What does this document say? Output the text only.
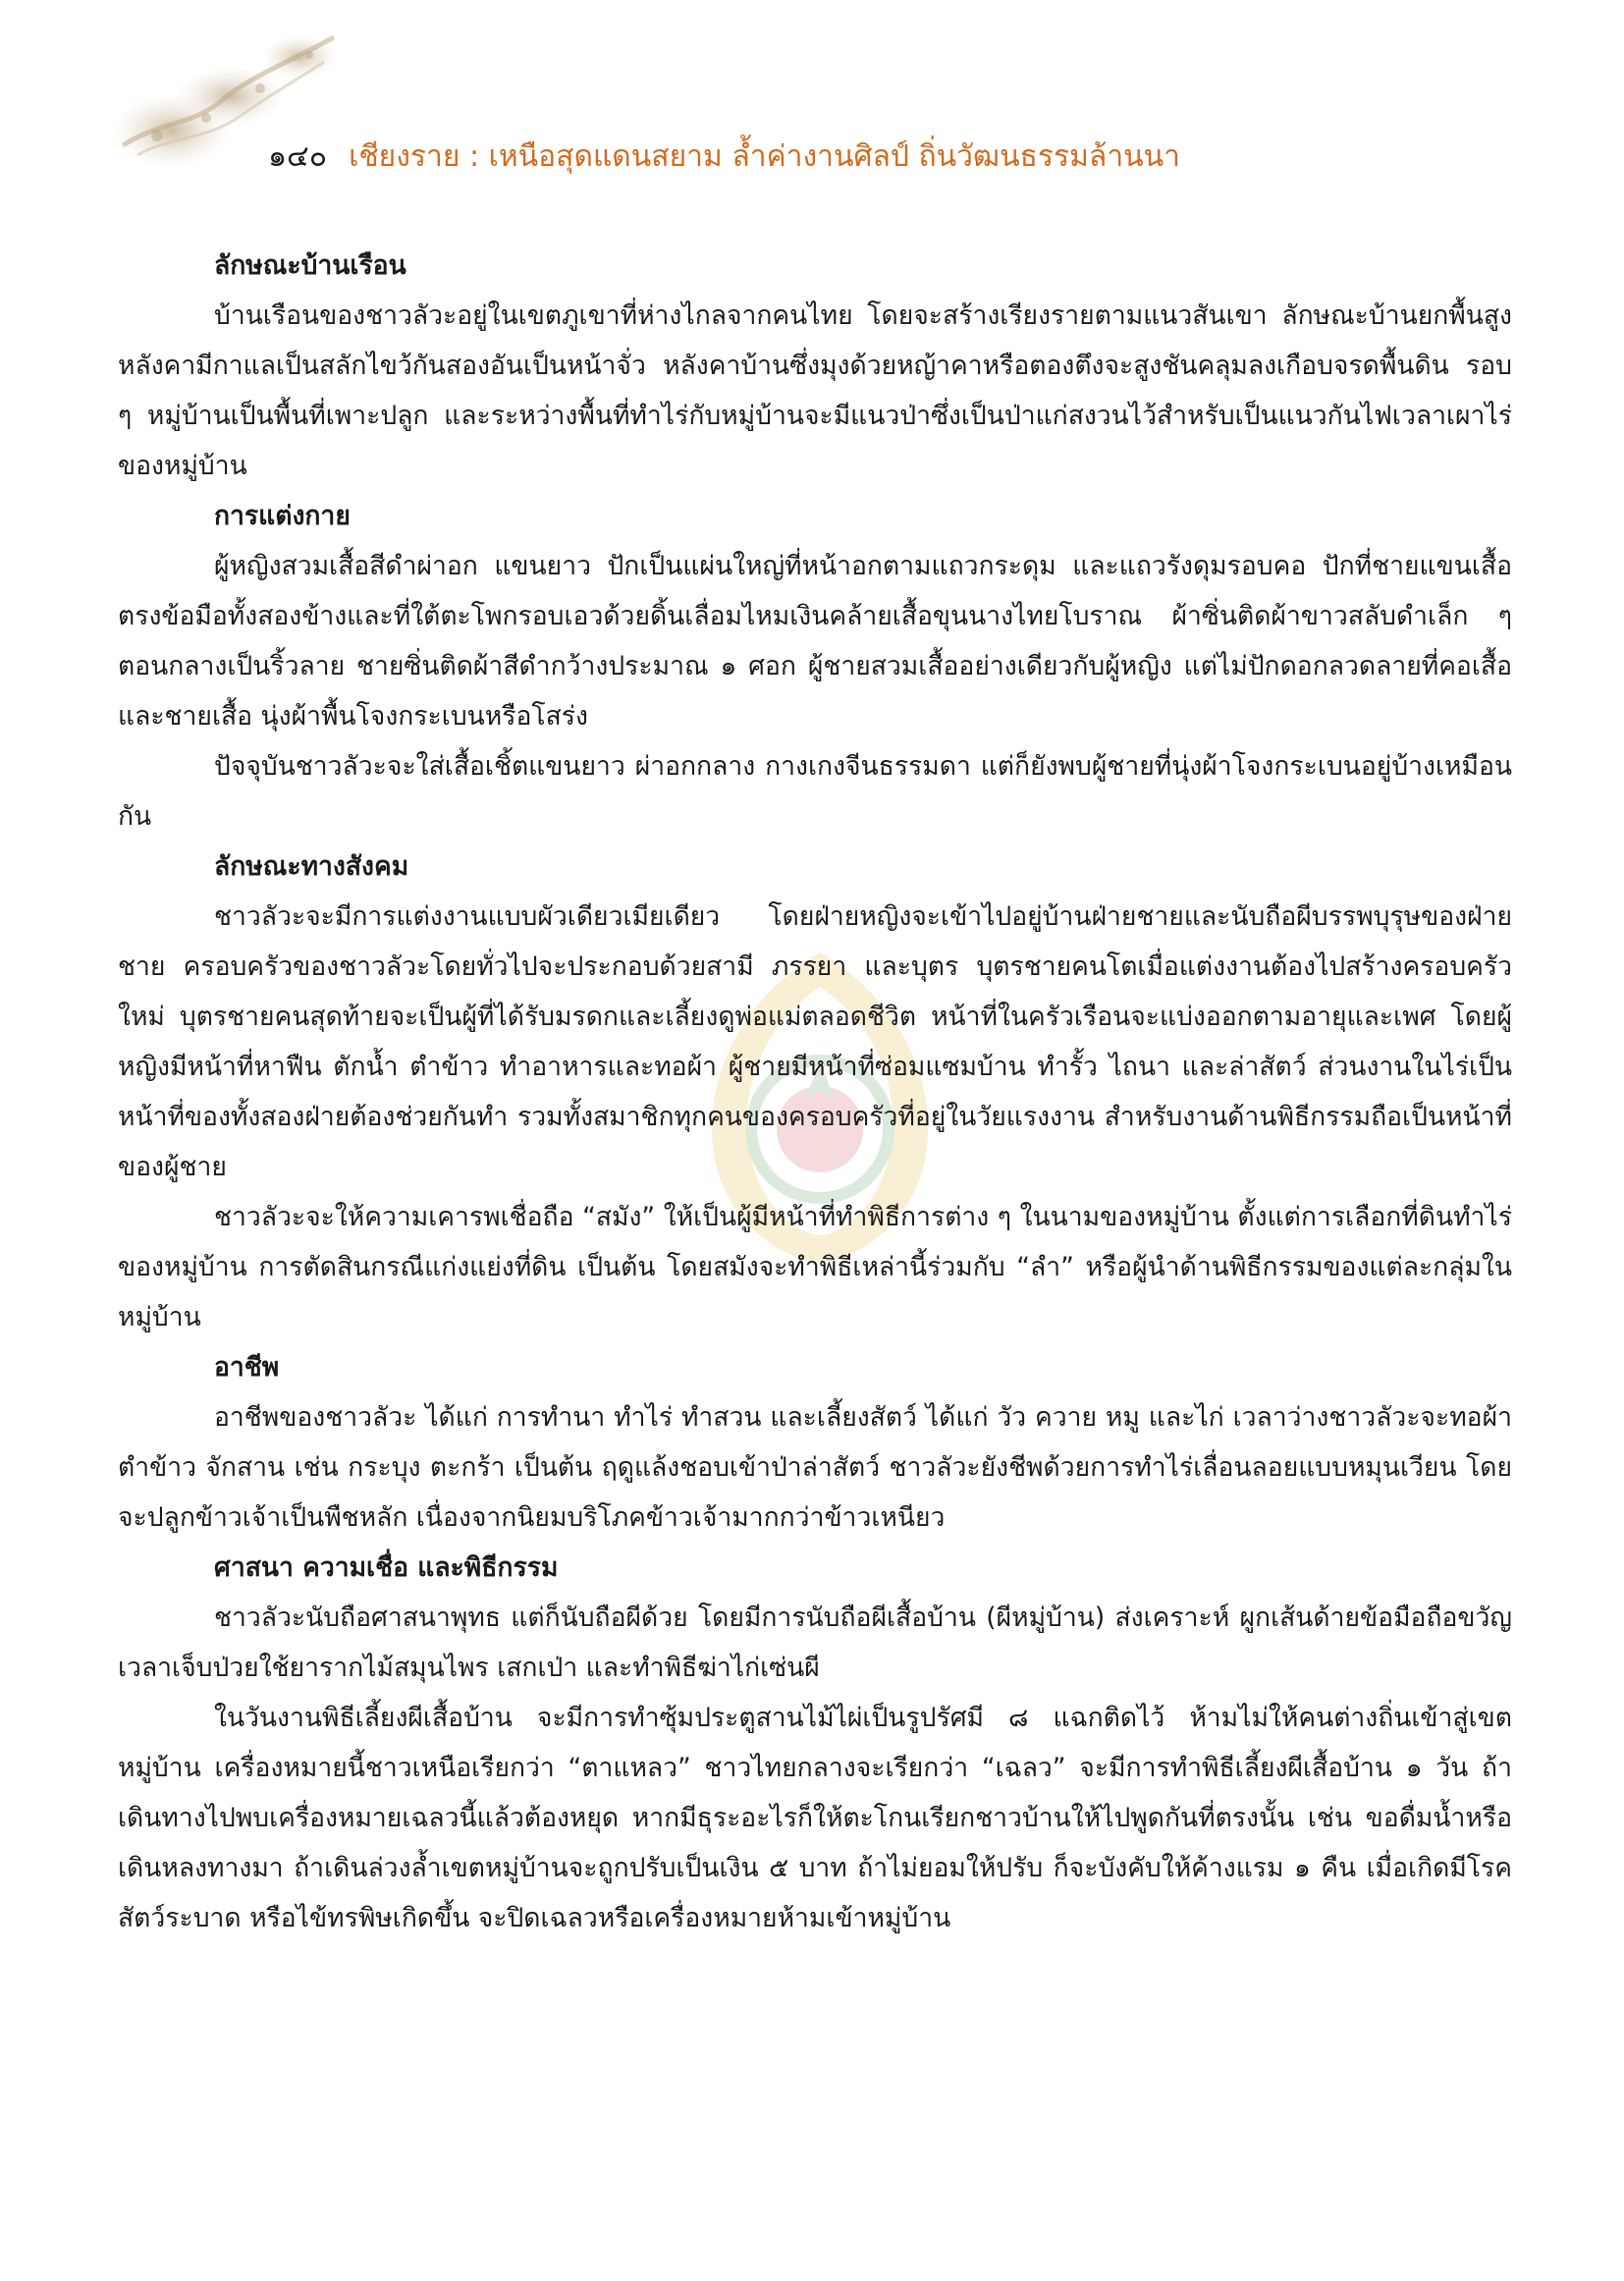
๑๔๐ เชียงราย : เหนือสุดแดนสยาม ล้ำค่างานศิลป์ ถิ่นวัฒนธรรมล้านนา

ลักษณะบ้านเรือน

บ้านเรือนของชาวลัวะอยู่ในเขตภูเขาที่ห่างไกลจากคนไทย โดยจะสร้างเรียงรายตามแนวสันเขา ลักษณะบ้านยกพื้นสูง หลังคามีกาแลเป็นสลักไขว้กันสองอันเป็นหน้าจั่ว หลังคาบ้านซึ่งมุงด้วยหญ้าคาหรือตองตึงจะสูงชันคลุมลงเกือบจรดพื้นดิน รอบ ๆ หมู่บ้านเป็นพื้นที่เพาะปลูก และระหว่างพื้นที่ทำไร่กับหมู่บ้านจะมีแนวป่าซึ่งเป็นป่าแก่สงวนไว้สำหรับเป็นแนวกันไฟเวลาเผาไร่ของหมู่บ้าน

การแต่งกาย

ผู้หญิงสวมเสื้อสีดำผ่าอก แขนยาว ปักเป็นแผ่นใหญ่ที่หน้าอกตามแถวกระดุม และแถวรังดุมรอบคอ ปักที่ชายแขนเสื้อตรงข้อมือทั้งสองข้างและที่ใต้ตะโพกรอบเอวด้วยดิ้นเลื่อมไหมเงินคล้ายเสื้อขุนนางไทยโบราณ ผ้าซิ่นติดผ้าขาวสลับดำเล็ก ๆ ตอนกลางเป็นริ้วลาย ชายซิ่นติดผ้าสีดำกว้างประมาณ ๑ ศอก ผู้ชายสวมเสื้ออย่างเดียวกับผู้หญิง แต่ไม่ปักดอกลวดลายที่คอเสื้อและชายเสื้อ นุ่งผ้าพื้นโจงกระเบนหรือโสร่ง

ปัจจุบันชาวลัวะจะใส่เสื้อเชิ้ตแขนยาว ผ่าอกกลาง กางเกงจีนธรรมดา แต่ก็ยังพบผู้ชายที่นุ่งผ้าโจงกระเบนอยู่บ้างเหมือนกัน

ลักษณะทางสังคม

ชาวลัวะจะมีการแต่งงานแบบผัวเดียวเมียเดียว โดยฝ่ายหญิงจะเข้าไปอยู่บ้านฝ่ายชายและนับถือผีบรรพบุรุษของฝ่ายชาย ครอบครัวของชาวลัวะโดยทั่วไปจะประกอบด้วยสามี ภรรยา และบุตร บุตรชายคนโตเมื่อแต่งงานต้องไปสร้างครอบครัวใหม่ บุตรชายคนสุดท้ายจะเป็นผู้ที่ได้รับมรดกและเลี้ยงดูพ่อแม่ตลอดชีวิต หน้าที่ในครัวเรือนจะแบ่งออกตามอายุและเพศ โดยผู้หญิงมีหน้าที่หาฟืน ตักน้ำ ตำข้าว ทำอาหารและทอผ้า ผู้ชายมีหน้าที่ซ่อมแซมบ้าน ทำรั้ว ไถนา และล่าสัตว์ ส่วนงานในไร่เป็นหน้าที่ของทั้งสองฝ่ายต้องช่วยกันทำ รวมทั้งสมาชิกทุกคนของครอบครัวที่อยู่ในวัยแรงงาน สำหรับงานด้านพิธีกรรมถือเป็นหน้าที่ของผู้ชาย

ชาวลัวะจะให้ความเคารพเชื่อถือ “สมัง” ให้เป็นผู้มีหน้าที่ทำพิธีการต่าง ๆ ในนามของหมู่บ้าน ตั้งแต่การเลือกที่ดินทำไร่ของหมู่บ้าน การตัดสินกรณีแก่งแย่งที่ดิน เป็นต้น โดยสมังจะทำพิธีเหล่านี้ร่วมกับ “ลำ” หรือผู้นำด้านพิธีกรรมของแต่ละกลุ่มในหมู่บ้าน

อาชีพ

อาชีพของชาวลัวะ ได้แก่ การทำนา ทำไร่ ทำสวน และเลี้ยงสัตว์ ได้แก่ วัว ควาย หมู และไก่ เวลาว่างชาวลัวะจะทอผ้า ตำข้าว จักสาน เช่น กระบุง ตะกร้า เป็นต้น ฤดูแล้งชอบเข้าป่าล่าสัตว์ ชาวลัวะยังชีพด้วยการทำไร่เลื่อนลอยแบบหมุนเวียน โดยจะปลูกข้าวเจ้าเป็นพืชหลัก เนื่องจากนิยมบริโภคข้าวเจ้ามากกว่าข้าวเหนียว

ศาสนา ความเชื่อ และพิธีกรรม

ชาวลัวะนับถือศาสนาพุทธ แต่ก็นับถือผีด้วย โดยมีการนับถือผีเสื้อบ้าน (ผีหมู่บ้าน) ส่งเคราะห์ ผูกเส้นด้ายข้อมือถือขวัญ เวลาเจ็บป่วยใช้ยารากไม้สมุนไพร เสกเป่า และทำพิธีฆ่าไก่เซ่นผี

ในวันงานพิธีเลี้ยงผีเสื้อบ้าน จะมีการทำซุ้มประตูสานไม้ไผ่เป็นรูปรัศมี ๘ แฉกติดไว้ ห้ามไม่ให้คนต่างถิ่นเข้าสู่เขตหมู่บ้าน เครื่องหมายนี้ชาวเหนือเรียกว่า “ตาแหลว” ชาวไทยกลางจะเรียกว่า “เฉลว” จะมีการทำพิธีเลี้ยงผีเสื้อบ้าน ๑ วัน ถ้าเดินทางไปพบเครื่องหมายเฉลวนี้แล้วต้องหยุด หากมีธุระอะไรก็ให้ตะโกนเรียกชาวบ้านให้ไปพูดกันที่ตรงนั้น เช่น ขอดื่มน้ำหรือเดินหลงทางมา ถ้าเดินล่วงล้ำเขตหมู่บ้านจะถูกปรับเป็นเงิน ๕ บาท ถ้าไม่ยอมให้ปรับ ก็จะบังคับให้ค้างแรม ๑ คืน เมื่อเกิดมีโรคสัตว์ระบาด หรือไข้ทรพิษเกิดขึ้น จะปิดเฉลวหรือเครื่องหมายห้ามเข้าหมู่บ้าน
